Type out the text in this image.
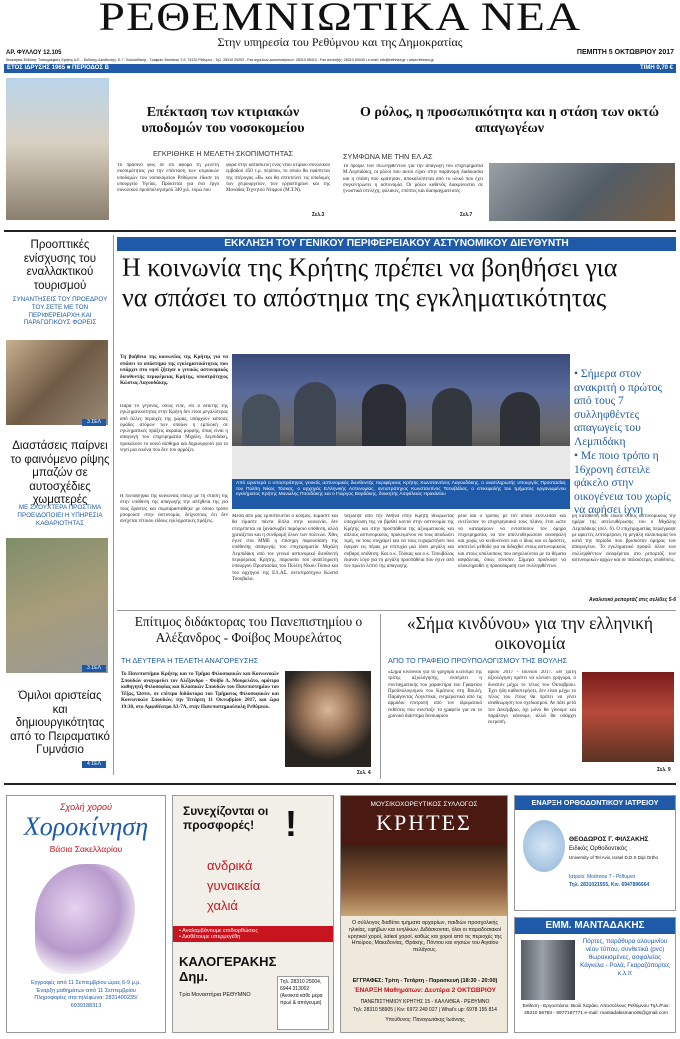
ΡΕΘΕΜΝΙΩΤΙΚΑ ΝΕΑ
Στην υπηρεσία του Ρεθύμνου και της Δημοκρατίας
ΑΡ. ΦΥΛΛΟΥ 12.105	ΠΕΜΠΤΗ 5 ΟΚΤΩΒΡΙΟΥ 2017
Ιδιοκτησία-Έκδοση: Τυπογραφικές Κρήτης Α.Ε. - Εκδότης-Διευθυντής: Ε. Γ. Χαλκιαδάκης - Γραφεία: Μοάτσου 7-9, 74132 Ρέθυμνο - Τηλ. 28310 29292 - Fax αγγελιών-κοινοποιήσεων: 28310 55413 - Fax σύνταξης: 28310 50040 • e-mail: info@rethnea.gr • www.rethnea.gr
ΕΤΟΣ ΙΔΡΥΣΗΣ 1965 ■ ΠΕΡΙΟΔΟΣ Β	ΤΙΜΗ 0,70 €
Επέκταση των κτιριακών υποδομών του νοσοκομείου
ΕΓΚΡΙΘΗΚΕ Η ΜΕΛΕΤΗ ΣΚΟΠΙΜΟΤΗΤΑΣ
Το πράσινο φως σε ότι αφορά τη μελέτη σκοπιμότητας για την επέκταση των κτιριακών υποδομών του νοσοκομείου Ρεθύμνου έδωσε το υπουργείο Υγείας. Πρόκειται για ένα έργο συνολικού προϋπολογισμού 340 χιλ. ευρώ που
φορά στην κατασκευή ενός νέου κτιρίου συνολικού εμβαδού 450 τ.μ. περίπου, το οποίο θα εφάπτεται της πτέρυγας «Β» και θα επεκτείνει τις υποδομές των χειρουργείων, των εργαστηρίων και της Μονάδας Τεχνητού Νεφρού (Μ.Τ.Ν).
Σελ.3
Ο ρόλος, η προσωπικότητα και η στάση των οκτώ απαγωγέων
ΣΥΜΦΩΝΑ ΜΕ ΤΗΝ ΕΛ.ΑΣ
Το προφίλ των συλληφθέντων για την απαγωγή του επιχειρηματία Μ.Λεμπιδάκη, οι ρόλοι που αυτοί είχαν στην παράνομη διαδικασία και η στάση που κράτησαν, αποκαλύπτεται από το υλικό που έχει συγκεντρώσει η αστυνομία. Οι ρόλοι καθενός διακρίνονται σε γνωστικά στελέχη, φύλακες, επόπτες και διαπραγματευτές
Σελ.7
Προοπτικές ενίσχυσης του εναλλακτικού τουρισμού
ΣΥΝΑΝΤΗΣΕΙΣ ΤΟΥ ΠΡΟΕΔΡΟΥ ΤΟΥ ΣΕΤΕ ΜΕ ΤΟΝ ΠΕΡΙΦΕΡΕΙΑΡΧΗ ΚΑΙ ΠΑΡΑΓΩΓΙΚΟΥΣ ΦΟΡΕΙΣ
3 ΣΕΛ
Διαστάσεις παίρνει το φαινόμενο ρίψης μπαζών σε αυτοσχέδιες χωματερές
ΜΕ ΣΧΟΥΧΤΕΡΑ ΠΡΟΣΤΙΜΑ ΠΡΟΕΙΔΟΠΟΙΕΙ Η ΥΠΗΡΕΣΙΑ ΚΑΘΑΡΙΟΤΗΤΑΣ
3 ΣΕΛ
Όμιλοι αριστείας και δημιουργικότητας από το Πειραματικό Γυμνάσιο
4 ΣΕΛ
ΕΚΚΛΗΣΗ ΤΟΥ ΓΕΝΙΚΟΥ ΠΕΡΙΦΕΡΕΙΑΚΟΥ ΑΣΤΥΝΟΜΙΚΟΥ ΔΙΕΥΘΥΝΤΗ
Η κοινωνία της Κρήτης πρέπει να βοηθήσει για να σπάσει το απόστημα της εγκληματικότητας
Τη βοήθεια της κοινωνίας της Κρήτης για να σπάσει το απόστημα της εγκληματικότητας που υπάρχει στο νησί ζήτησε ο γενικός αστυνομικός διευθυντής περιφέρειας Κρήτης, υποστράτηγος Κώστας Λαγουδάκης.
Παρά το γεγονός, όπως είπε, ότι ο δείκτης της εγκληματικότητας στην Κρήτη δεν είναι μεγαλύτερος από άλλες περιοχές της χώρας, υπάρχουν κάποιες ομάδες ατόμων των οποίων η εμπλοκή σε εγκληματικές πράξεις ακραίας μορφής, όπως είναι η απαγωγή του επιχειρηματία Μιχάλη Λεμπιδάκη, προκαλούν το κοινό αίσθημα και δημιουργούν για το νησί μια εικόνα που δεν του αρμόζει.
Η πλειοψηφία της κοινωνίας έδειξε με τη στάση της στην υπόθεση της απαγωγής την απέχθεια της για τους δράστες και συμπαραστάθηκε με όποιο τρόπο μπορούσε στην αστυνομία, δείχνοντας ότι δεν ανέχεται τέτοιου είδους εγκληματικές πράξεις.
Από αριστερά ο υποστράτηγος γενικός αστυνομικός διευθυντής περιφέρειας Κρήτης Κωνσταντίνος Λαγουδάκης, ο αναπληρωτής υπουργός Προστασίας του Πολίτη Νίκος Τόσκας, ο αρχηγός ΕΛληνικής Αστυνομίας, αντιστράτηγος Κωνσταντίνος Τσουβάλας, ο επικεφαλής του τμήματος οργανωμένου εγκλήματος Κρήτης Μανώλης Πιτσιδάκης και ο Γιώργος Βαρδάκης, διοικητής Ασφάλειας Ηρακλείου
Μέσα από μας εμπιστεύεται ο κόσμος. Είμαστε και θα είμαστε πάντα δίπλα στην κοινωνία, δεν επιτρέπεται να ξανασυμβεί παρόμοιο υπόθεση, αλλά χρειάζεται και η συνδρομή όλων των πολιτών. Χθες έγινε στα ΜΜΕ η επίσημη παρουσίαση της υπόθεσης απαγωγής του επιχειρηματία Μιχάλη Λεμπιδάκη από τον γενικό αστυνομικό διευθυντή περιφέρειας Κρήτης, παρουσία του αναπληρωτή υπουργού Προστασίας του Πολίτη Νίκου Τόσκα και του αρχηγού της ΕΛ.ΑΣ. αντιστράτηγου Κώστα Τσουβαλα.
ταξίδεψε από την Αθήνα στην Κρήτη θεωρώντας υποχρέωση της να βρεθεί κοντά στην αστυνομία της Κρήτης και στην προσπάθεια της αξιωματικούς και απλούς αστυνομικούς, προκειμένου να τους αποδώσει τιμή, να τους συγχαρεί και να τους ευχαριστήσει που έφεραν εις πέρας με επιτυχία μια τόσο μεγάλη και σοβαρή υπόθεση. Και ο κ. Τόσκας και ο κ. Τσουβάλας έκαναν λόγο για τη μεγάλη προσπάθεια που έγινε από τον πρώτο λεπτό της απαγωγής.
ρεια και ο τρόπος με τον οποίο εκτέλεσαν και εκτέλεσαν το επιχειρησιακό τους πλάνο, έτσι ώστε να καταφέρουν να εντοπίσουν τον όμηρο επιχειρηματία, να τον απελευθερώσουν ανασφαλή και χωρίς να κινδυνεύσει και ο ίδιος και οι δράστες, αποτελεί μέθοδο για να διδαχθεί στους αστυνομικούς και στους υπόλοιπους που ασχολούνται με τα θέματα ασφάλειας, όπως τόνισαν. Σήμερα προέκυψε να ολοκληρωθεί η προανάκριση των συλληφθέντων.
ρη κατάθεση που έδωσε στους αστυνομικούς την ημέρα της απελευθέρωσης του ο Μιχάλης Λεμπιδάκης (σελ. 6). Ο επιχειρηματίας περιέγραψε με αρκετές λεπτομέρειες τη μεγάλη ταλαιπωρία του κατά την περίοδο που βρισκόταν όμηρος των απαγωγέων. Το εγκληματικό προφίλ όλων των συλληφθέντων αναφέρεται στο ρεπορτάζ των αστυνομικών αρχών και σε παλαιότερες υποθέσεις.
Αναλυτικό ρεπορτάζ στις σελίδες 5-6
• Σήμερα στον ανακριτή ο πρώτος από τους 7 συλληφθέντες απαγωγείς του Λεμπιδάκη
• Με ποιο τρόπο η 16χρονη έστειλε φάκελο στην οικογένεια του χωρίς να αφήσει ίχνη
Επίτιμος διδάκτορας του Πανεπιστημίου ο Αλέξανδρος - Φοίβος Μουρελάτος
ΤΗ ΔΕΥΤΕΡΑ Η ΤΕΛΕΤΗ ΑΝΑΓΟΡΕΥΣΗΣ
Το Πανεπιστήμιο Κρήτης και το Τμήμα Φιλοσοφικών και Κοινωνικών Σπουδών αναγορεύει τον Αλέξανδρο - Φοίβο Δ. Μουρελάτο, ομότιμο καθηγητή Φιλοσοφίας και Κλασικών Σπουδών του Πανεπιστημίου του Τέξας, Ώστιν, σε επίτιμο διδάκτορα του Τμήματος Φιλοσοφικών και Κοινωνικών Σπουδών, την Τετάρτη 11 Οκτωβρίου 2017, και ώρα 19:30, στο Αμφιθέατρο Δ3-7Α, στην Πανεπιστημιούπολη Ρεθύμνου.
Σελ. 4
«Σήμα κινδύνου» για την ελληνική οικονομία
ΑΠΟ ΤΟ ΓΡΑΦΕΙΟ ΠΡΟΫΠΟΛΟΓΙΣΜΟΥ ΤΗΣ ΒΟΥΛΗΣ
«Σήμα κινδύνου για το γρήγορο κλείσιμο της τρίτης αξιολόγησης, εκπέμπει η συνταγματικής του χαρακτήρα του Γραφείου Προϋπολογισμού του Κράτους στη Βουλή, Παράγοντας Λογιστικά, ενημερωτικά από τις αρμόδιο επιτροπή από τον ιδρυματικό εκθέσεις που συνέταξε το γραφείο για να το χρονικό διάστημα Ιανουαρίου
αρίου 2017 - Ιουνίου 2017. «Η τρίτη αξιολόγηση πρέπει να κλείσει γρήγορα, ο δυνατόν μέχρι το τέλος του Οκτωβρίου. Έχει ήδη καθυστερήσει, δεν είναι μέχρι το τέλος του έτους θα πρέπει να γίνει αναθεώρηση του σχεδιασμού. Αν πάει μετά τον Δεκέμβριο, όχι μόνο θα γίνουμε και παράλογο κάνουμε, αλλά θα υπάρχει εκτροπή.
Σελ. 9
Σχολή χορού
Χοροκίνηση
Βάσια Σακελλαρίου
Εγγραφές από 11 Σεπτεμβρίου ώρες 6-9 μ.μ. Έναρξη μαθημάτων από 11 Σεπτεμβρίου Πληροφορίες στα τηλέφωνα: 2831400235/ 6939188313
Συνεχίζονται οι προσφορές! !
ανδρικά
γυναικεία
χαλιά
• Αναλαμβάνουμε επιδιορθώσεις
• Διαθέτουμε υπερμεγέθη
ΚΑΛΟΓΕΡΑΚΗΣ Δημ.
Τρία Μοναστήρια ΡΕΘΥΜΝΟ
Τηλ. 28310 25004, 6944 313002 (Ανοικτά κάθε μέρα πρωί & απόγευμα)
ΜΟΥΣΙΚΟΧΟΡΕΥΤΙΚΟΣ ΣΥΛΛΟΓΟΣ
ΚΡΗΤΕΣ
Ο σύλλογος διαθέτει τμήματα αρχαρίων, παιδιών προσχολικής ηλικίας, εφήβων και ενηλίκων. Διδάσκονται, όλοι οι παραδοσιακοί κρητικοί χοροί, λαϊκοί χοροί, καθώς και χοροί από τις περιοχές της Ηπείρου, Μακεδονίας, Θράκης, Πόντου και νησιών του Αιγαίου πελάγους.
ΕΓΓΡΑΦΕΣ: Τρίτη - Τετάρτη - Παρασκευή (18:30 - 20:00)
ΈΝΑΡΞΗ Μαθημάτων: Δευτέρα 2 ΟΚΤΩΒΡΙΟΥ
ΠΑΝΕΠΙΣΤΗΜΙΟΥ ΚΡΗΤΗΣ 15 - ΚΑΛΛΙΘΕΑ - ΡΕΘΥΜΝΟ
Τηλ: 28310 58905 | Κιν: 6972 249 027 | What's up: 6978 155 814
Υπεύθυνος: Παναγιωτάκης Ιωάννης
ΕΝΑΡΞΗ ΟΡΘΟΔΟΝΤΙΚΟΥ ΙΑΤΡΕΙΟΥ
ΘΕΟΔΩΡΟΣ Γ. ΦΙΛΣΑΚΗΣ
Ειδικός Ορθοδοντικός
University of Tel Aviv, Israel D.D.S Dipl Ortho
Ιατρείο: Μοάτσου 7 - Ρέθυμνο
Τηλ. 2831021555, Κιν. 6947896664
ΕΜΜ. ΜΑΝΤΑΔΑΚΗΣ
Πόρτες, παράθυρα αλουμινίου νέου τύπου, συνθετικά (pvc) θωρακισμένες, ασφαλείας Κάγκελα - Ρολά, Γκαραζόπορτες κ.λ.π
Έκθεση - Εργοστάσιο: Βιολί Χαράκι, Αποστόλους Ρεθύμνου Τηλ./Fax: 28310 56783 - 6977187771 e-mail: mantadakismanolis@gmail.com
